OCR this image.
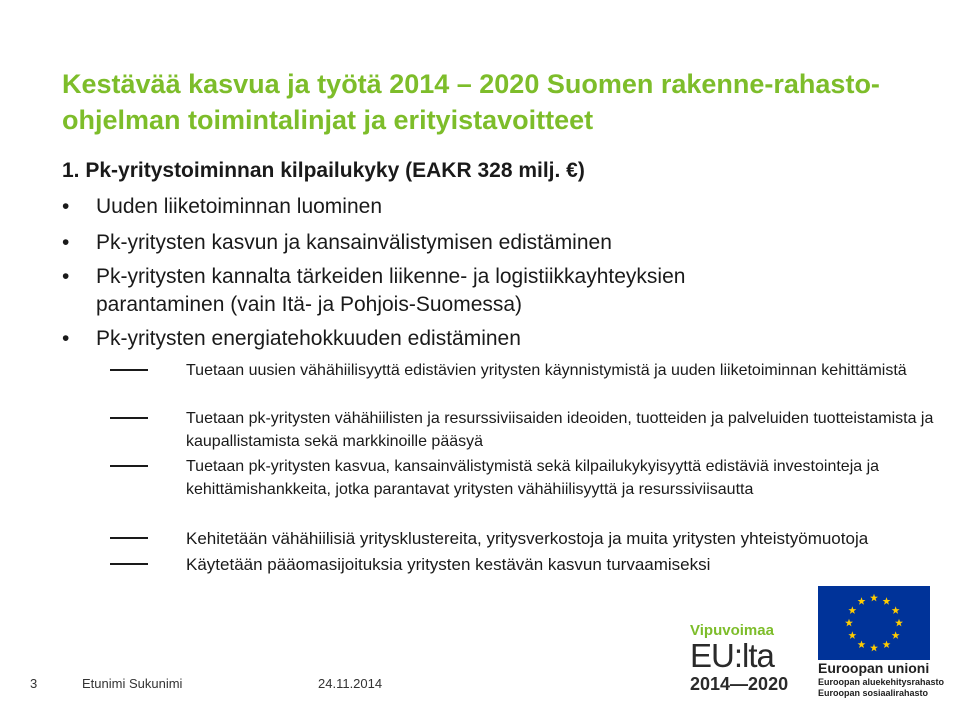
Kestävää kasvua ja työtä 2014 – 2020 Suomen rakenne-rahasto-ohjelman toimintalinjat ja erityistavoitteet

1. Pk-yritystoiminnan kilpailukyky (EAKR 328 milj. €)

•	Uuden liiketoiminnan luominen
•	Pk-yritysten kasvun ja kansainvälistymisen edistäminen
•	Pk-yritysten kannalta tärkeiden liikenne- ja logistiikkayhteyksien parantaminen (vain Itä- ja Pohjois-Suomessa)
•	Pk-yritysten energiatehokkuuden edistäminen
Tuetaan uusien vähähiilisyyttä edistävien yritysten käynnistymistä ja uuden liiketoiminnan kehittämistä
Tuetaan pk-yritysten vähähiilisten ja resurssiviisaiden ideoiden, tuotteiden ja palveluiden tuotteistamista ja kaupallistamista sekä markkinoille pääsyä
Tuetaan pk-yritysten kasvua, kansainvälistymistä sekä kilpailukykyisyyttä edistäviä investointeja ja kehittämishankkeita, jotka parantavat yritysten vähähiilisyyttä ja resurssiviisautta
Kehitetään vähähiilisiä yritysklustereita, yritysverkostoja ja muita yritysten yhteistyömuotoja
Käytetään pääomasijoituksia yritysten kestävän kasvun turvaamiseksi
3	Etunimi Sukunimi	24.11.2014
Vipuvoimaa
EU:lta
2014—2020
Euroopan unioni
Euroopan aluekehitysrahasto
Euroopan sosiaalirahasto
